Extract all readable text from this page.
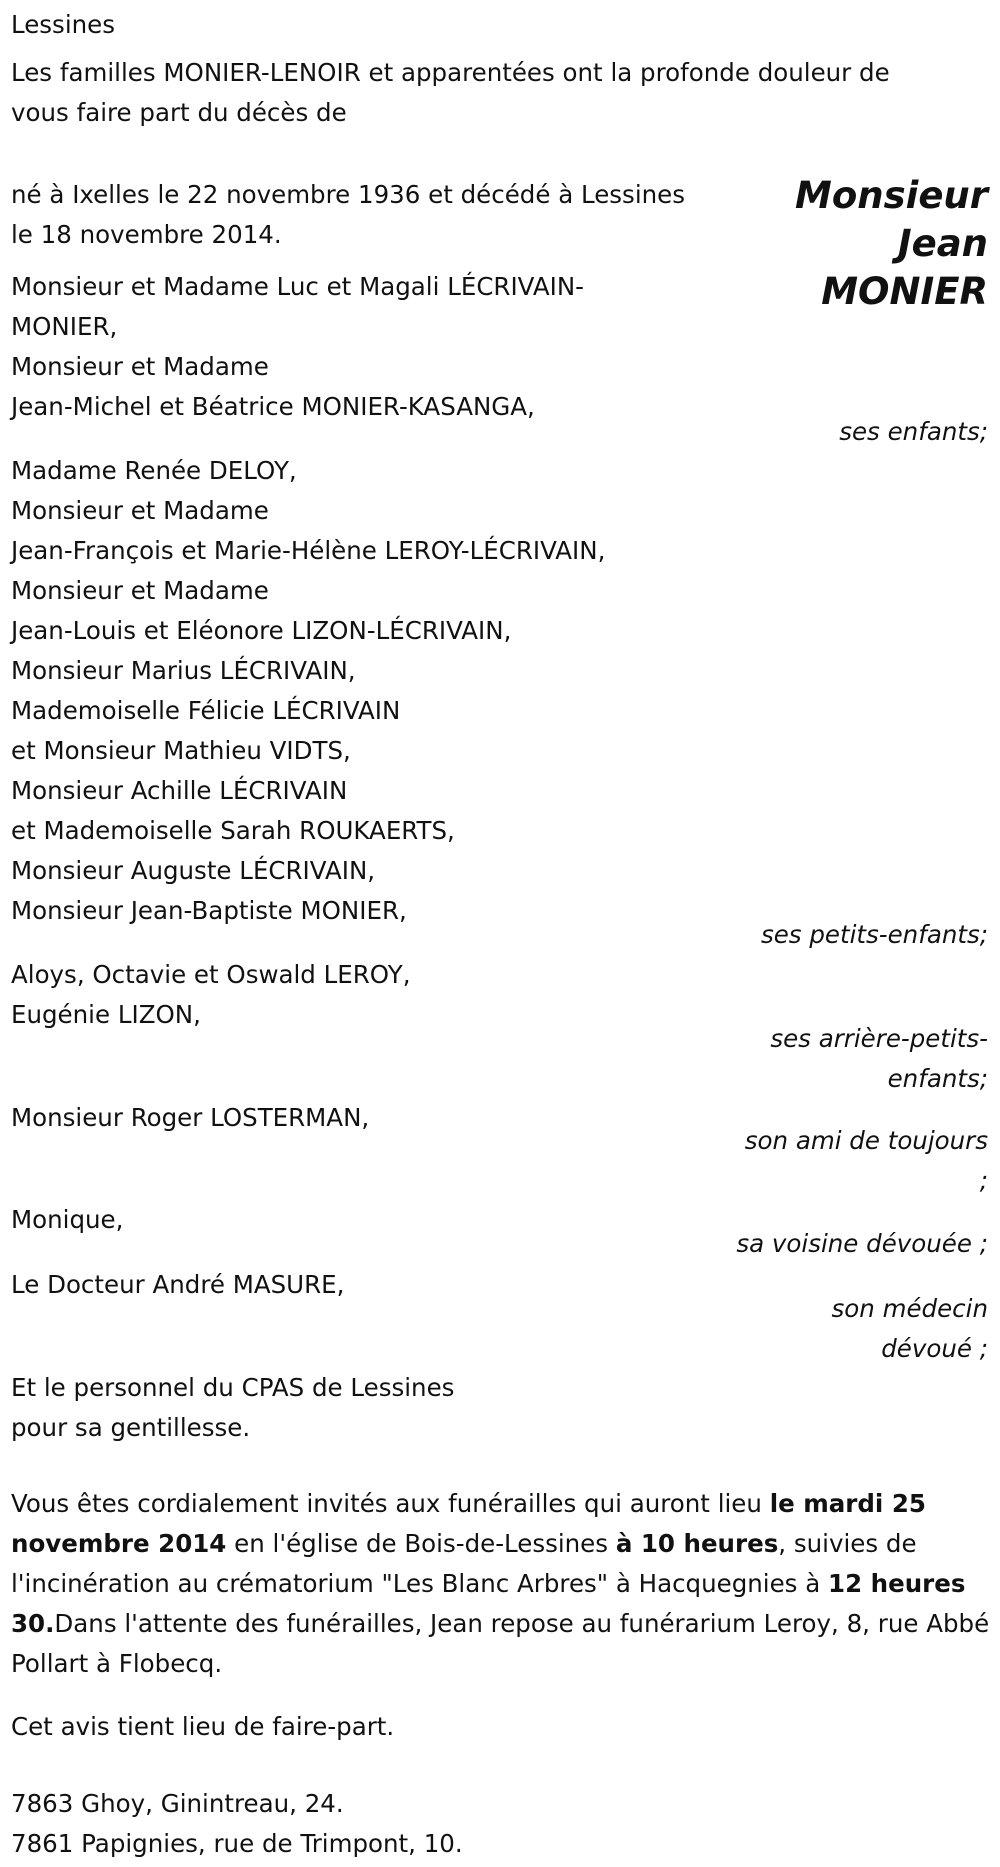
Lessines
Les familles MONIER-LENOIR et apparentées ont la profonde douleur de
vous faire part du décès de
Monsieur
Jean
MONIER
né à Ixelles le 22 novembre 1936 et décédé à Lessines
le 18 novembre 2014.
Monsieur et Madame Luc et Magali LÉCRIVAIN-
MONIER,
Monsieur et Madame
Jean-Michel et Béatrice MONIER-KASANGA,
ses enfants;
Madame Renée DELOY,
Monsieur et Madame
Jean-François et Marie-Hélène LEROY-LÉCRIVAIN,
Monsieur et Madame
Jean-Louis et Eléonore LIZON-LÉCRIVAIN,
Monsieur Marius LÉCRIVAIN,
Mademoiselle Félicie LÉCRIVAIN
et Monsieur Mathieu VIDTS,
Monsieur Achille LÉCRIVAIN
et Mademoiselle Sarah ROUKAERTS,
Monsieur Auguste LÉCRIVAIN,
Monsieur Jean-Baptiste MONIER,
ses petits-enfants;
Aloys, Octavie et Oswald LEROY,
Eugénie LIZON,
ses arrière-petits-
enfants;
Monsieur Roger LOSTERMAN,
son ami de toujours
;
Monique,
sa voisine dévouée ;
Le Docteur André MASURE,
son médecin
dévoué ;
Et le personnel du CPAS de Lessines
pour sa gentillesse.
Vous êtes cordialement invités aux funérailles qui auront lieu le mardi 25 novembre 2014 en l'église de Bois-de-Lessines à 10 heures, suivies de l'incinération au crématorium "Les Blanc Arbres" à Hacquegnies à 12 heures 30.Dans l'attente des funérailles, Jean repose au funérarium Leroy, 8, rue Abbé Pollart à Flobecq.
Cet avis tient lieu de faire-part.
7863 Ghoy, Ginintreau, 24.
7861 Papignies, rue de Trimpont, 10.
